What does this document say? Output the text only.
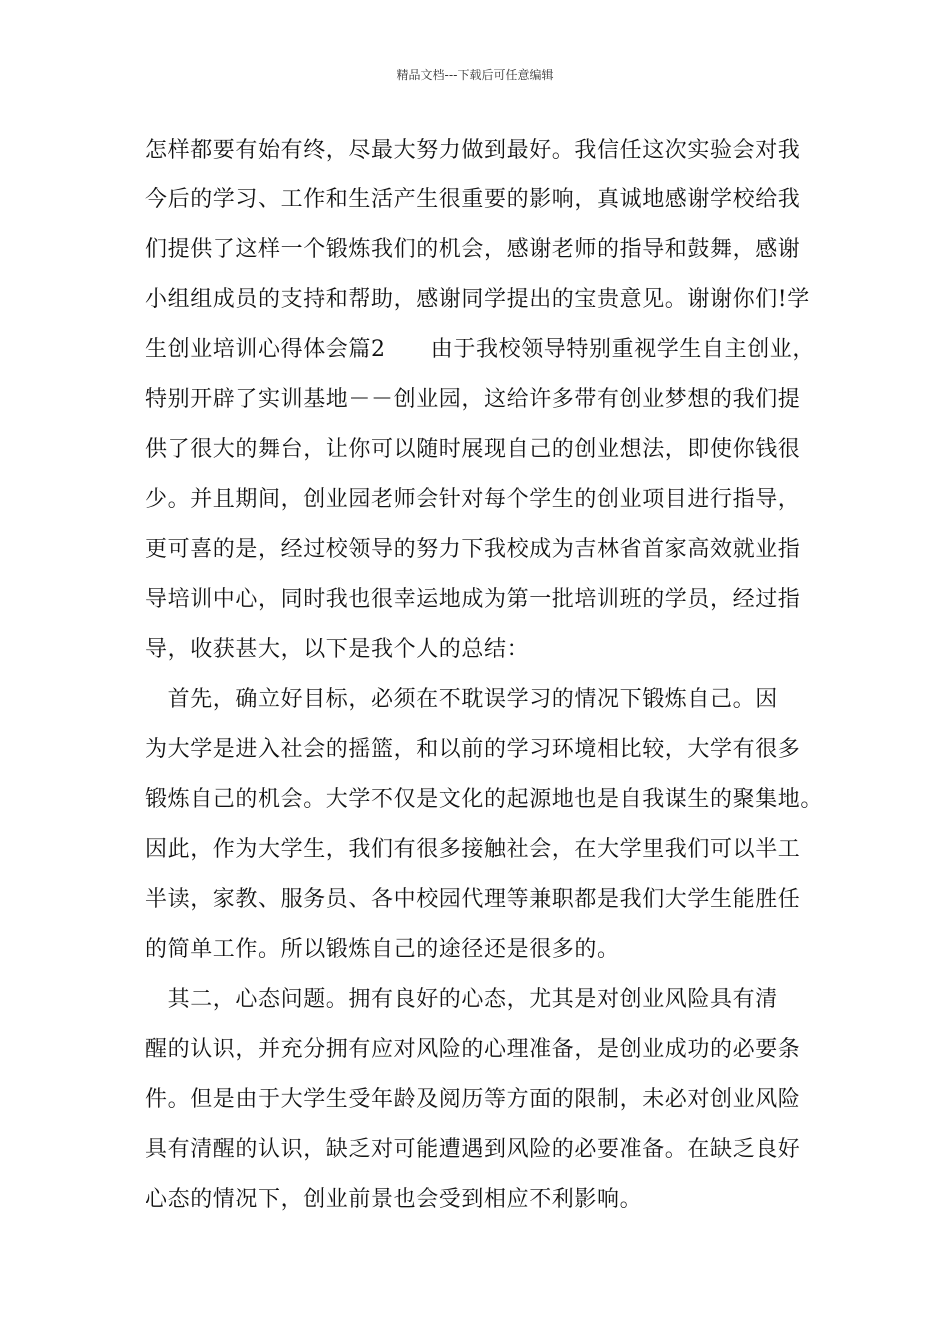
精品文档---下载后可任意编辑
怎样都要有始有终，尽最大努力做到最好。我信任这次实验会对我
今后的学习、工作和生活产生很重要的影响，真诚地感谢学校给我
们提供了这样一个锻炼我们的机会，感谢老师的指导和鼓舞，感谢
小组组成员的支持和帮助，感谢同学提出的宝贵意见。谢谢你们!学
生创业培训心得体会篇2　　由于我校领导特别重视学生自主创业，
特别开辟了实训基地－－创业园，这给许多带有创业梦想的我们提
供了很大的舞台，让你可以随时展现自己的创业想法，即使你钱很
少。并且期间，创业园老师会针对每个学生的创业项目进行指导，
更可喜的是，经过校领导的努力下我校成为吉林省首家高效就业指
导培训中心，同时我也很幸运地成为第一批培训班的学员，经过指
导，收获甚大，以下是我个人的总结：
　首先，确立好目标，必须在不耽误学习的情况下锻炼自己。因
为大学是进入社会的摇篮，和以前的学习环境相比较，大学有很多
锻炼自己的机会。大学不仅是文化的起源地也是自我谋生的聚集地。
因此，作为大学生，我们有很多接触社会，在大学里我们可以半工
半读，家教、服务员、各中校园代理等兼职都是我们大学生能胜任
的简单工作。所以锻炼自己的途径还是很多的。
　其二，心态问题。拥有良好的心态，尤其是对创业风险具有清
醒的认识，并充分拥有应对风险的心理准备，是创业成功的必要条
件。但是由于大学生受年龄及阅历等方面的限制，未必对创业风险
具有清醒的认识，缺乏对可能遭遇到风险的必要准备。在缺乏良好
心态的情况下，创业前景也会受到相应不利影响。
